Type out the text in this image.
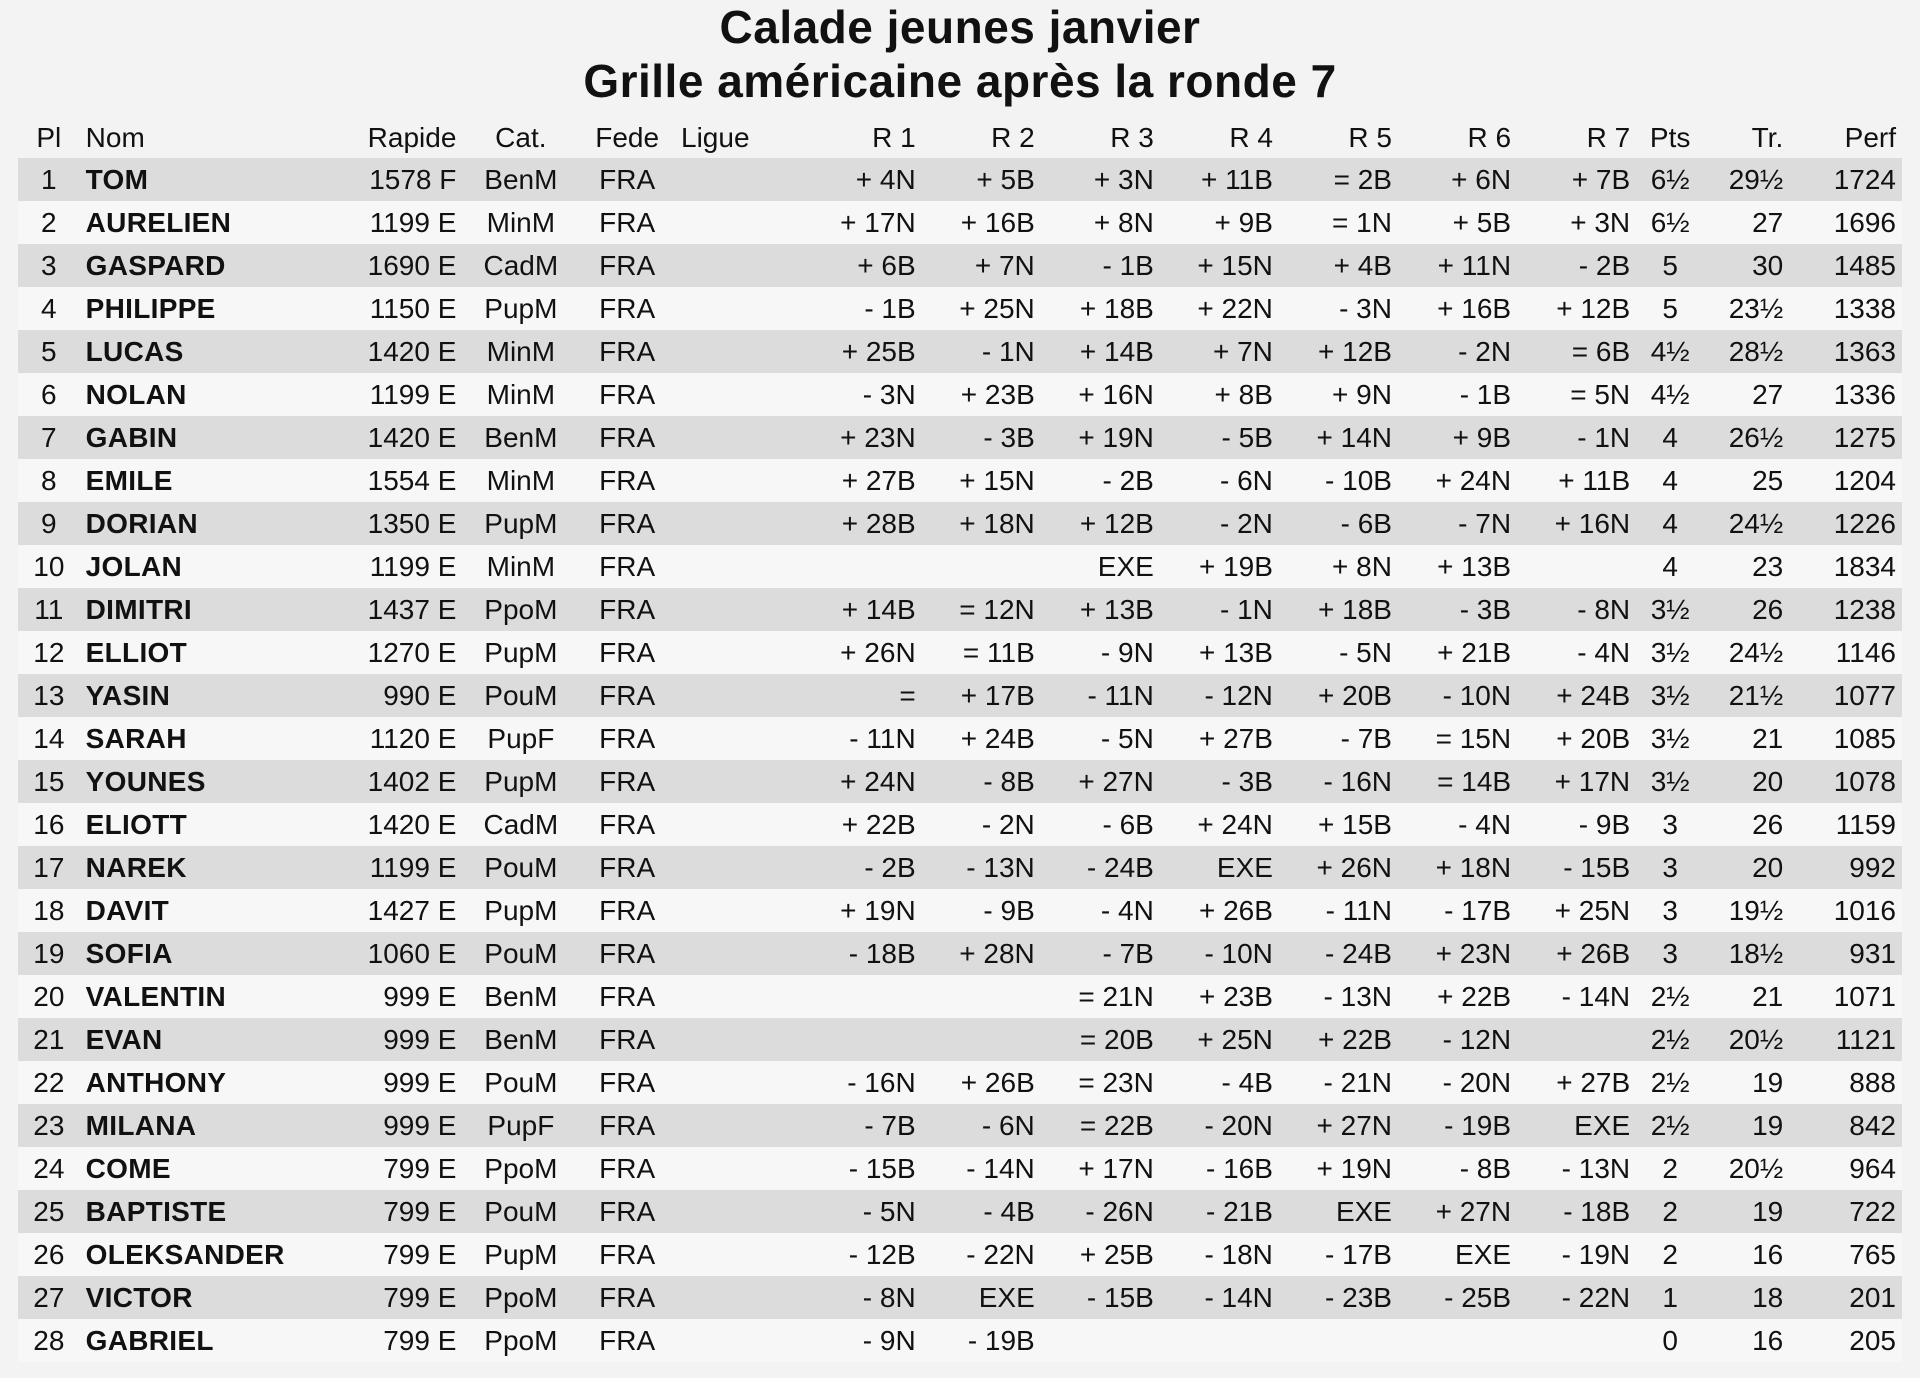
Calade jeunes janvier
Grille américaine après la ronde 7
Pl	Nom	Rapide	Cat.	Fede	Ligue	R 1	R 2	R 3	R 4	R 5	R 6	R 7	Pts	Tr.	Perf
1	TOM	1578 F	BenM	FRA		+ 4N	+ 5B	+ 3N	+ 11B	= 2B	+ 6N	+ 7B	6½	29½	1724
2	AURELIEN	1199 E	MinM	FRA		+ 17N	+ 16B	+ 8N	+ 9B	= 1N	+ 5B	+ 3N	6½	27	1696
3	GASPARD	1690 E	CadM	FRA		+ 6B	+ 7N	- 1B	+ 15N	+ 4B	+ 11N	- 2B	5	30	1485
4	PHILIPPE	1150 E	PupM	FRA		- 1B	+ 25N	+ 18B	+ 22N	- 3N	+ 16B	+ 12B	5	23½	1338
5	LUCAS	1420 E	MinM	FRA		+ 25B	- 1N	+ 14B	+ 7N	+ 12B	- 2N	= 6B	4½	28½	1363
6	NOLAN	1199 E	MinM	FRA		- 3N	+ 23B	+ 16N	+ 8B	+ 9N	- 1B	= 5N	4½	27	1336
7	GABIN	1420 E	BenM	FRA		+ 23N	- 3B	+ 19N	- 5B	+ 14N	+ 9B	- 1N	4	26½	1275
8	EMILE	1554 E	MinM	FRA		+ 27B	+ 15N	- 2B	- 6N	- 10B	+ 24N	+ 11B	4	25	1204
9	DORIAN	1350 E	PupM	FRA		+ 28B	+ 18N	+ 12B	- 2N	- 6B	- 7N	+ 16N	4	24½	1226
10	JOLAN	1199 E	MinM	FRA				EXE	+ 19B	+ 8N	+ 13B		4	23	1834
11	DIMITRI	1437 E	PpoM	FRA		+ 14B	= 12N	+ 13B	- 1N	+ 18B	- 3B	- 8N	3½	26	1238
12	ELLIOT	1270 E	PupM	FRA		+ 26N	= 11B	- 9N	+ 13B	- 5N	+ 21B	- 4N	3½	24½	1146
13	YASIN	990 E	PouM	FRA		=	+ 17B	- 11N	- 12N	+ 20B	- 10N	+ 24B	3½	21½	1077
14	SARAH	1120 E	PupF	FRA		- 11N	+ 24B	- 5N	+ 27B	- 7B	= 15N	+ 20B	3½	21	1085
15	YOUNES	1402 E	PupM	FRA		+ 24N	- 8B	+ 27N	- 3B	- 16N	= 14B	+ 17N	3½	20	1078
16	ELIOTT	1420 E	CadM	FRA		+ 22B	- 2N	- 6B	+ 24N	+ 15B	- 4N	- 9B	3	26	1159
17	NAREK	1199 E	PouM	FRA		- 2B	- 13N	- 24B	EXE	+ 26N	+ 18N	- 15B	3	20	992
18	DAVIT	1427 E	PupM	FRA		+ 19N	- 9B	- 4N	+ 26B	- 11N	- 17B	+ 25N	3	19½	1016
19	SOFIA	1060 E	PouM	FRA		- 18B	+ 28N	- 7B	- 10N	- 24B	+ 23N	+ 26B	3	18½	931
20	VALENTIN	999 E	BenM	FRA				= 21N	+ 23B	- 13N	+ 22B	- 14N	2½	21	1071
21	EVAN	999 E	BenM	FRA				= 20B	+ 25N	+ 22B	- 12N		2½	20½	1121
22	ANTHONY	999 E	PouM	FRA		- 16N	+ 26B	= 23N	- 4B	- 21N	- 20N	+ 27B	2½	19	888
23	MILANA	999 E	PupF	FRA		- 7B	- 6N	= 22B	- 20N	+ 27N	- 19B	EXE	2½	19	842
24	COME	799 E	PpoM	FRA		- 15B	- 14N	+ 17N	- 16B	+ 19N	- 8B	- 13N	2	20½	964
25	BAPTISTE	799 E	PouM	FRA		- 5N	- 4B	- 26N	- 21B	EXE	+ 27N	- 18B	2	19	722
26	OLEKSANDER	799 E	PupM	FRA		- 12B	- 22N	+ 25B	- 18N	- 17B	EXE	- 19N	2	16	765
27	VICTOR	799 E	PpoM	FRA		- 8N	EXE	- 15B	- 14N	- 23B	- 25B	- 22N	1	18	201
28	GABRIEL	799 E	PpoM	FRA		- 9N	- 19B						0	16	205
